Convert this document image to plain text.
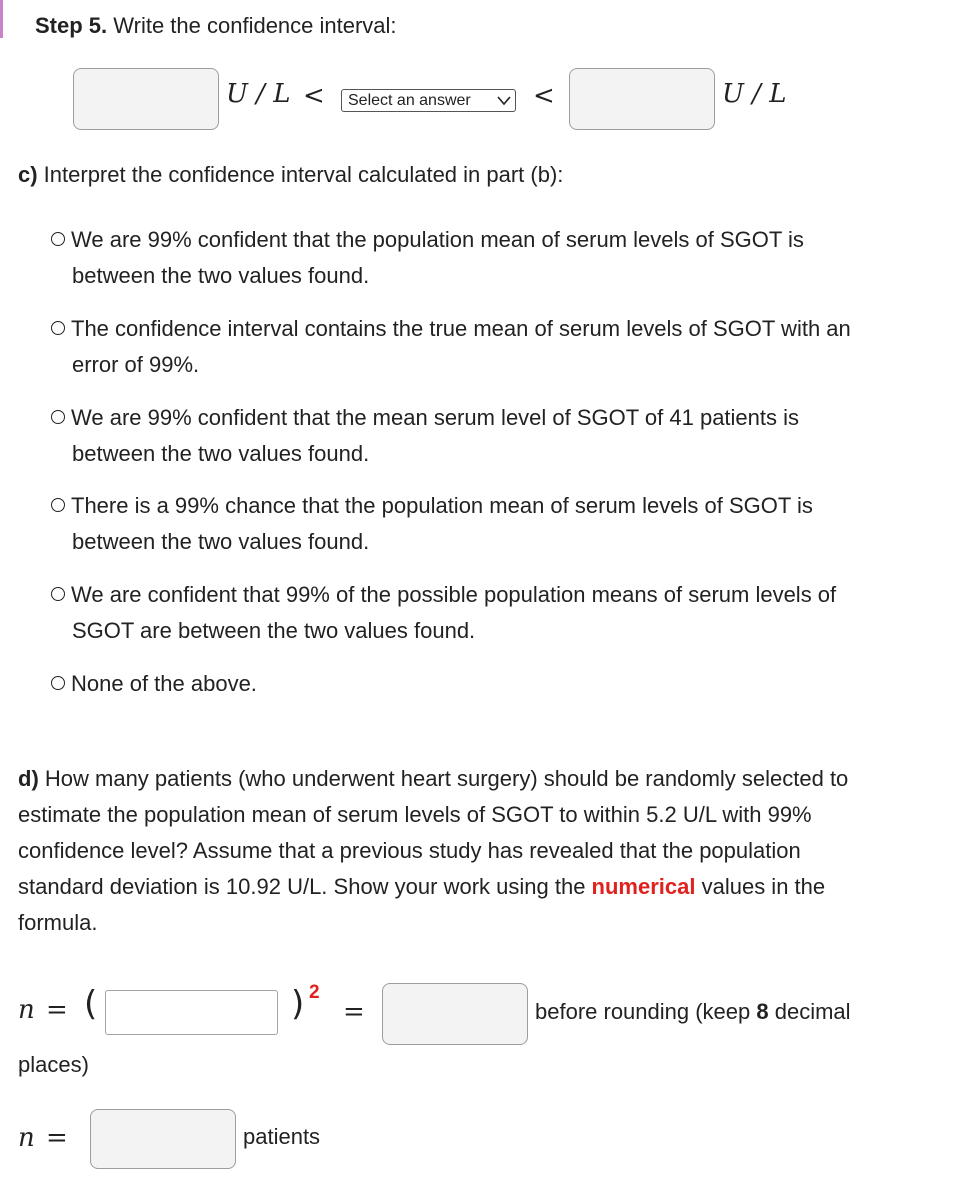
Step 5. Write the confidence interval:
U / L <	Select an answer	<	U / L
c) Interpret the confidence interval calculated in part (b):
We are 99% confident that the population mean of serum levels of SGOT is
between the two values found.
The confidence interval contains the true mean of serum levels of SGOT with an
error of 99%.
We are 99% confident that the mean serum level of SGOT of 41 patients is
between the two values found.
There is a 99% chance that the population mean of serum levels of SGOT is
between the two values found.
We are confident that 99% of the possible population means of serum levels of
SGOT are between the two values found.
None of the above.
d) How many patients (who underwent heart surgery) should be randomly selected to
estimate the population mean of serum levels of SGOT to within 5.2 U/L with 99%
confidence level? Assume that a previous study has revealed that the population
standard deviation is 10.92 U/L. Show your work using the numerical values in the
formula.
n = (	) 2
=	before rounding (keep 8 decimal
places)
n =	patients
